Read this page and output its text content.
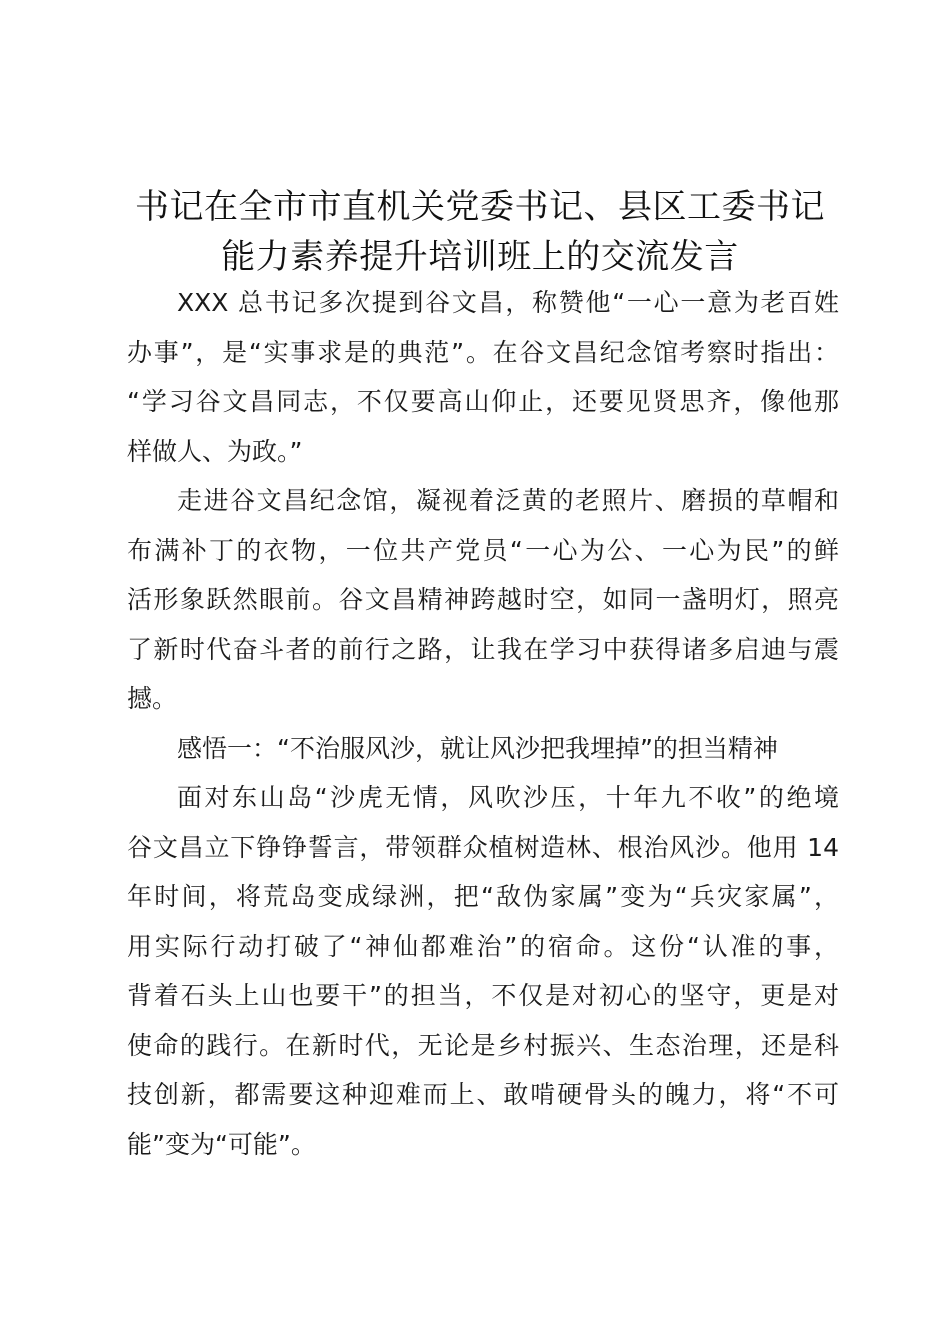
书记在全市市直机关党委书记、县区工委书记
能力素养提升培训班上的交流发言

XXX 总书记多次提到谷文昌，称赞他“一心一意为老百姓
办事”，是“实事求是的典范”。在谷文昌纪念馆考察时指出：
“学习谷文昌同志，不仅要高山仰止，还要见贤思齐，像他那
样做人、为政。”

走进谷文昌纪念馆，凝视着泛黄的老照片、磨损的草帽和
布满补丁的衣物，一位共产党员“一心为公、一心为民”的鲜
活形象跃然眼前。谷文昌精神跨越时空，如同一盏明灯，照亮
了新时代奋斗者的前行之路，让我在学习中获得诸多启迪与震
撼。

感悟一：“不治服风沙，就让风沙把我埋掉”的担当精神

面对东山岛“沙虎无情，风吹沙压，十年九不收”的绝境
谷文昌立下铮铮誓言，带领群众植树造林、根治风沙。他用 14
年时间，将荒岛变成绿洲，把“敌伪家属”变为“兵灾家属”，
用实际行动打破了“神仙都难治”的宿命。这份“认准的事，
背着石头上山也要干”的担当，不仅是对初心的坚守，更是对
使命的践行。在新时代，无论是乡村振兴、生态治理，还是科
技创新，都需要这种迎难而上、敢啃硬骨头的魄力，将“不可
能”变为“可能”。
